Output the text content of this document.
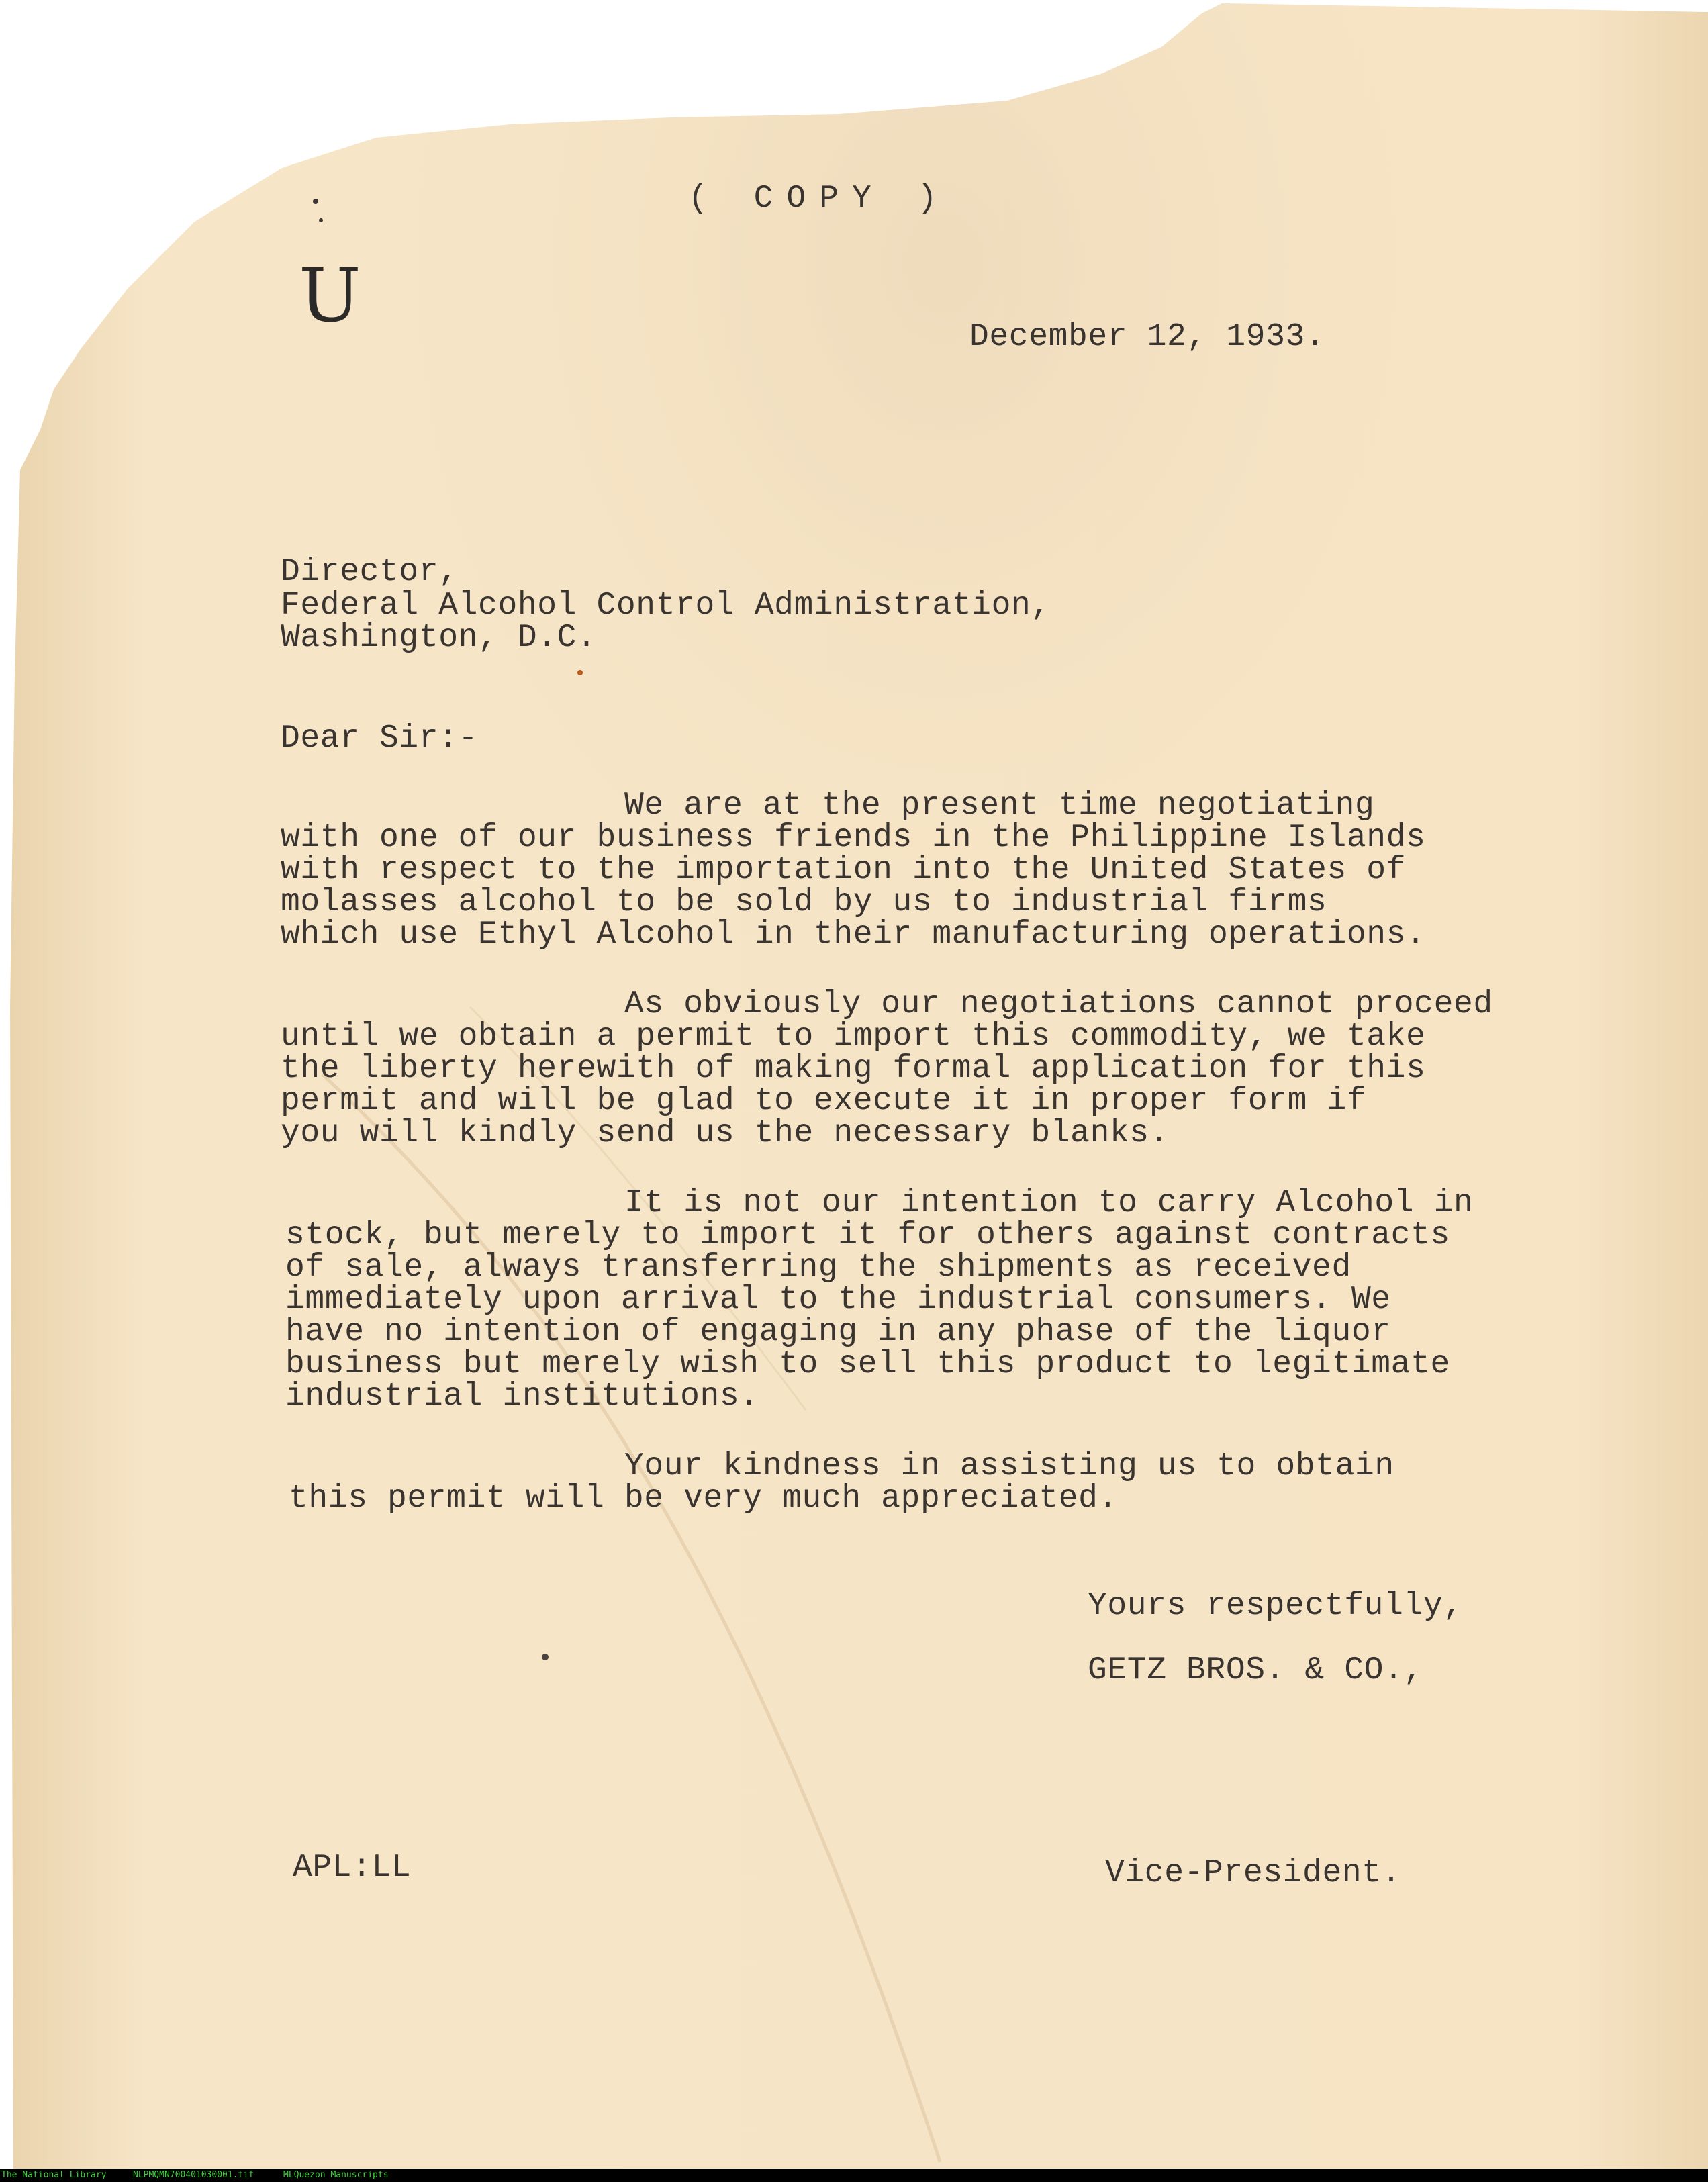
U
( COPY )
December 12, 1933.
Director,
Federal Alcohol Control Administration,
Washington, D.C.
Dear Sir:-
We are at the present time negotiating
with one of our business friends in the Philippine Islands
with respect to the importation into the United States of
molasses alcohol to be sold by us to industrial firms
which use Ethyl Alcohol in their manufacturing operations.
As obviously our negotiations cannot proceed
until we obtain a permit to import this commodity, we take
the liberty herewith of making formal application for this
permit and will be glad to execute it in proper form if
you will kindly send us the necessary blanks.
It is not our intention to carry Alcohol in
stock, but merely to import it for others against contracts
of sale, always transferring the shipments as received
immediately upon arrival to the industrial consumers. We
have no intention of engaging in any phase of the liquor
business but merely wish to sell this product to legitimate
industrial institutions.
Your kindness in assisting us to obtain
this permit will be very much appreciated.
Yours respectfully,
GETZ BROS. & CO.,
APL:LL	Vice-President.
The National Library	NLPMQMN700401030001.tif	MLQuezon Manuscripts
